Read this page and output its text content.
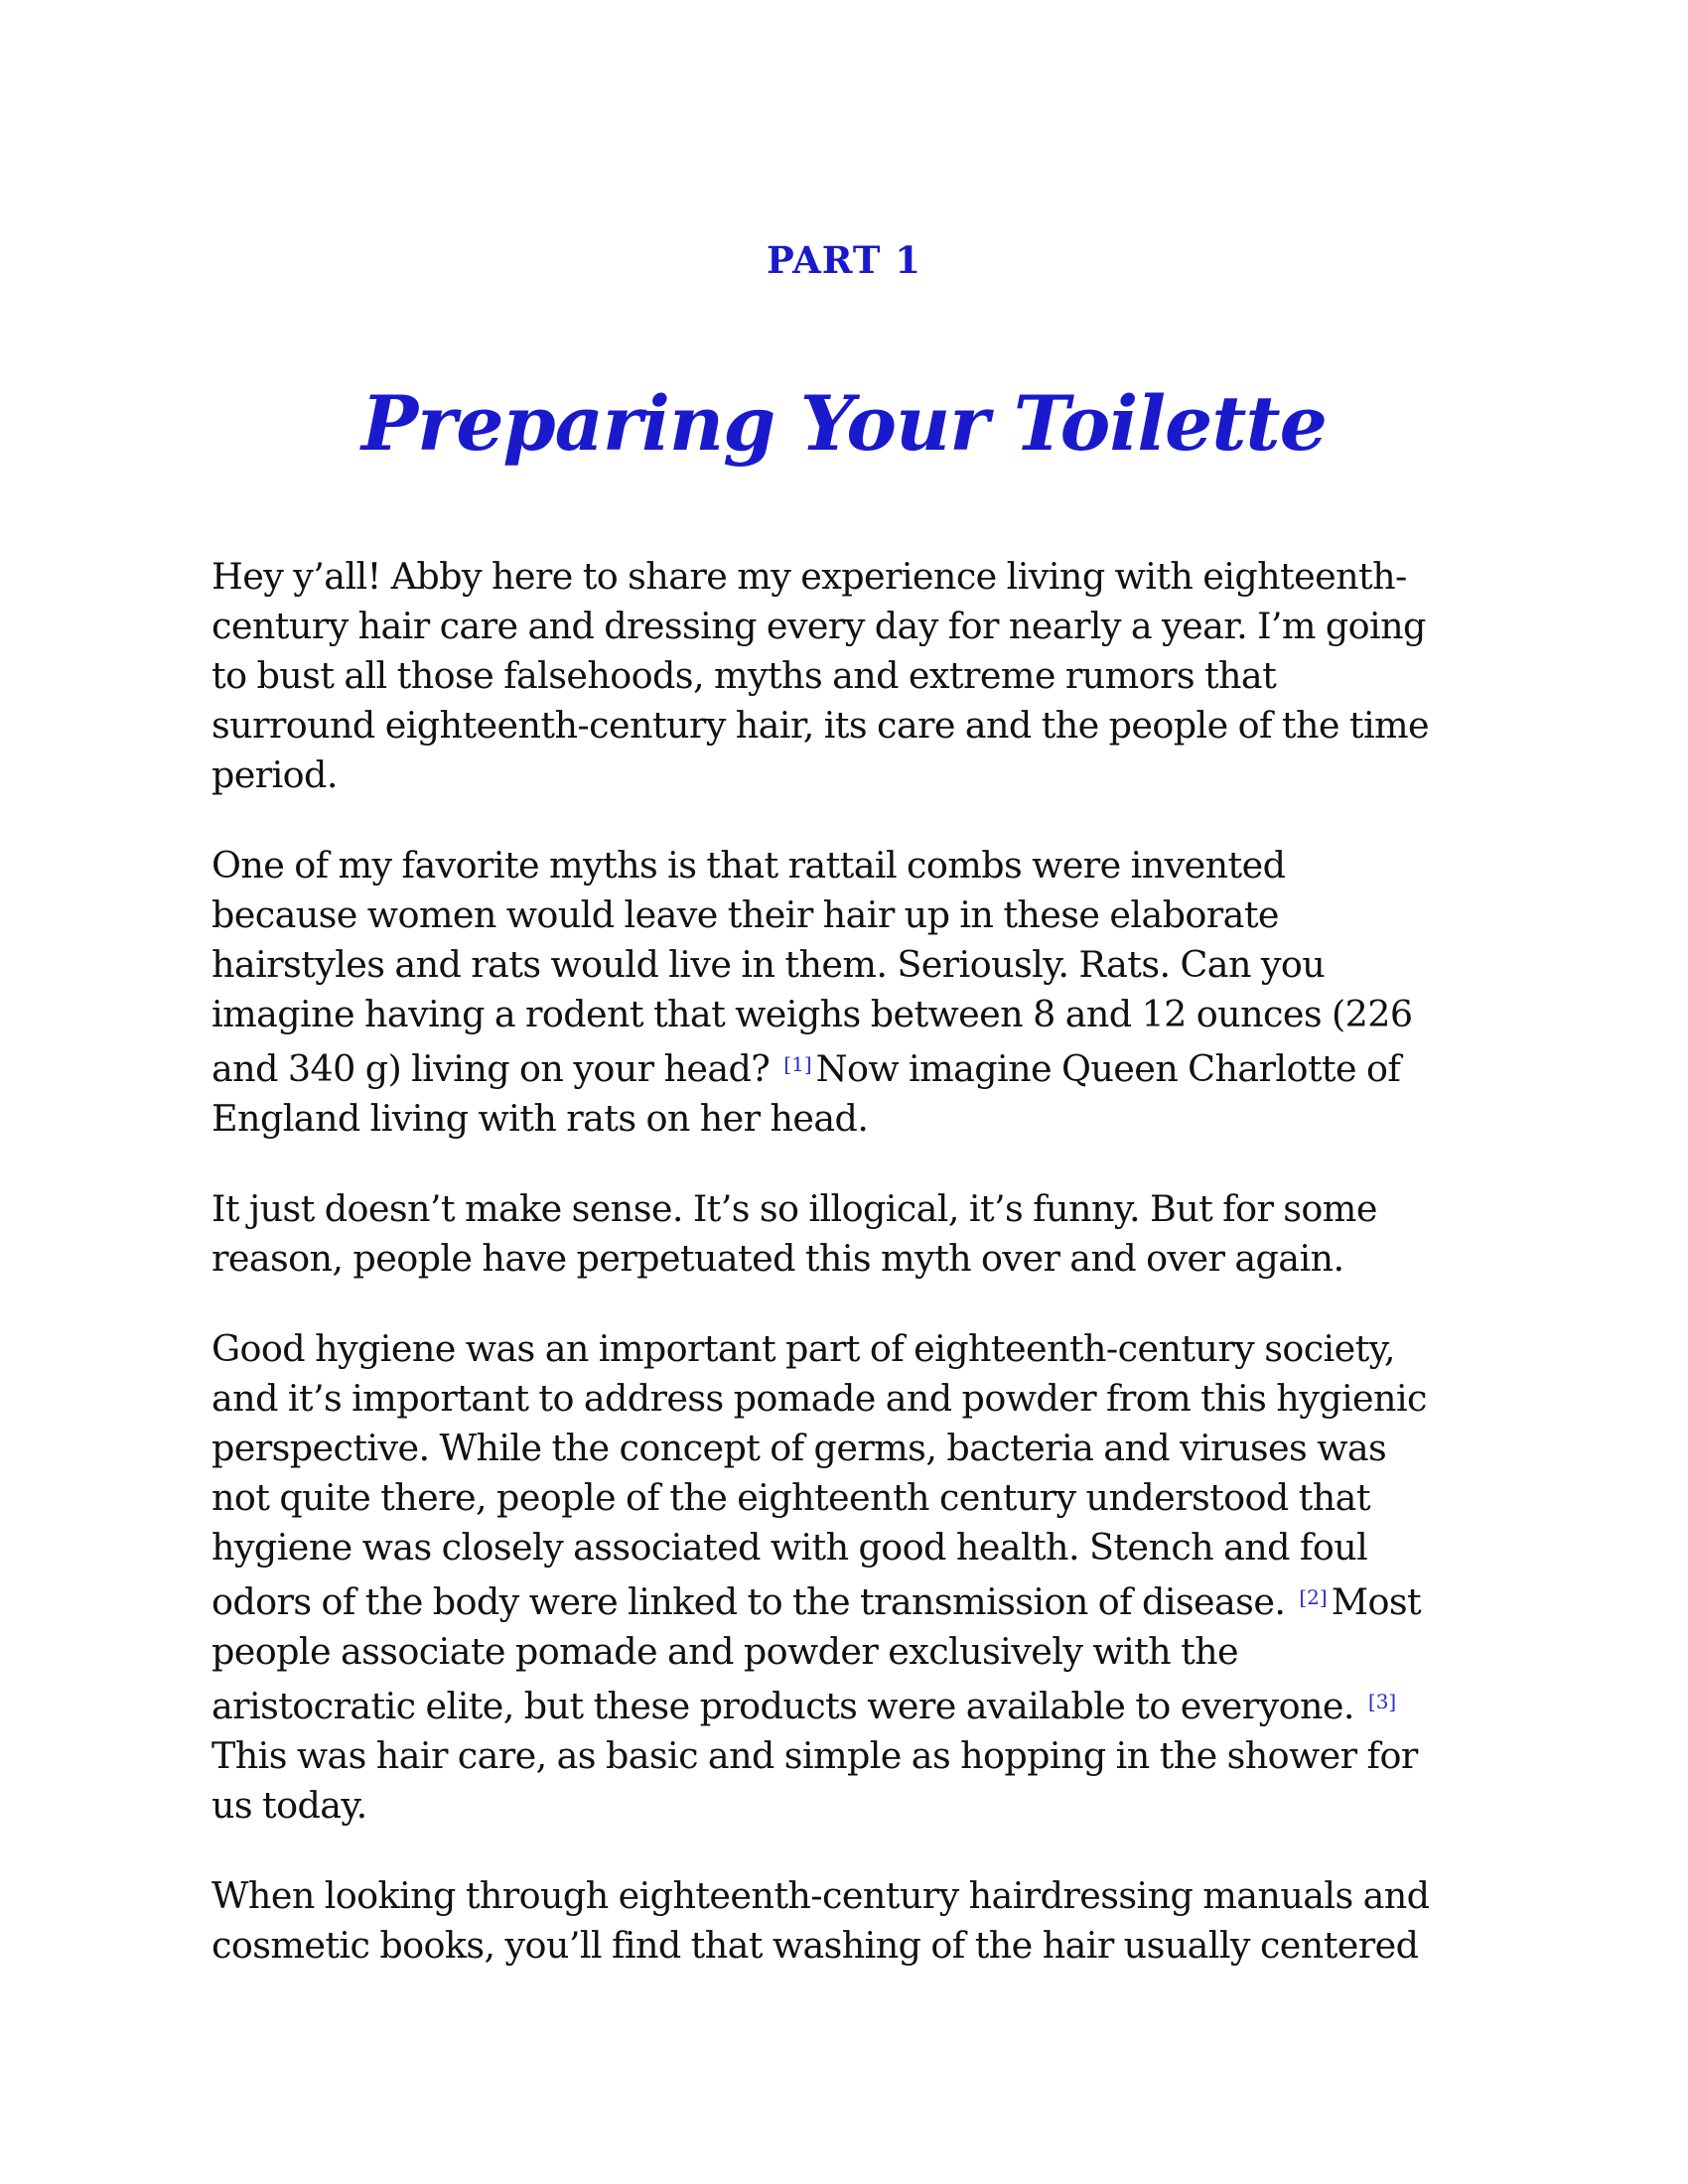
PART 1
Preparing Your Toilette

Hey y’all! Abby here to share my experience living with eighteenth-
century hair care and dressing every day for nearly a year. I’m going
to bust all those falsehoods, myths and extreme rumors that
surround eighteenth-century hair, its care and the people of the time
period.

One of my favorite myths is that rattail combs were invented
because women would leave their hair up in these elaborate
hairstyles and rats would live in them. Seriously. Rats. Can you
imagine having a rodent that weighs between 8 and 12 ounces (226
and 340 g) living on your head? [1] Now imagine Queen Charlotte of
England living with rats on her head.

It just doesn’t make sense. It’s so illogical, it’s funny. But for some
reason, people have perpetuated this myth over and over again.

Good hygiene was an important part of eighteenth-century society,
and it’s important to address pomade and powder from this hygienic
perspective. While the concept of germs, bacteria and viruses was
not quite there, people of the eighteenth century understood that
hygiene was closely associated with good health. Stench and foul
odors of the body were linked to the transmission of disease. [2] Most
people associate pomade and powder exclusively with the
aristocratic elite, but these products were available to everyone. [3]
This was hair care, as basic and simple as hopping in the shower for
us today.

When looking through eighteenth-century hairdressing manuals and
cosmetic books, you’ll find that washing of the hair usually centered
